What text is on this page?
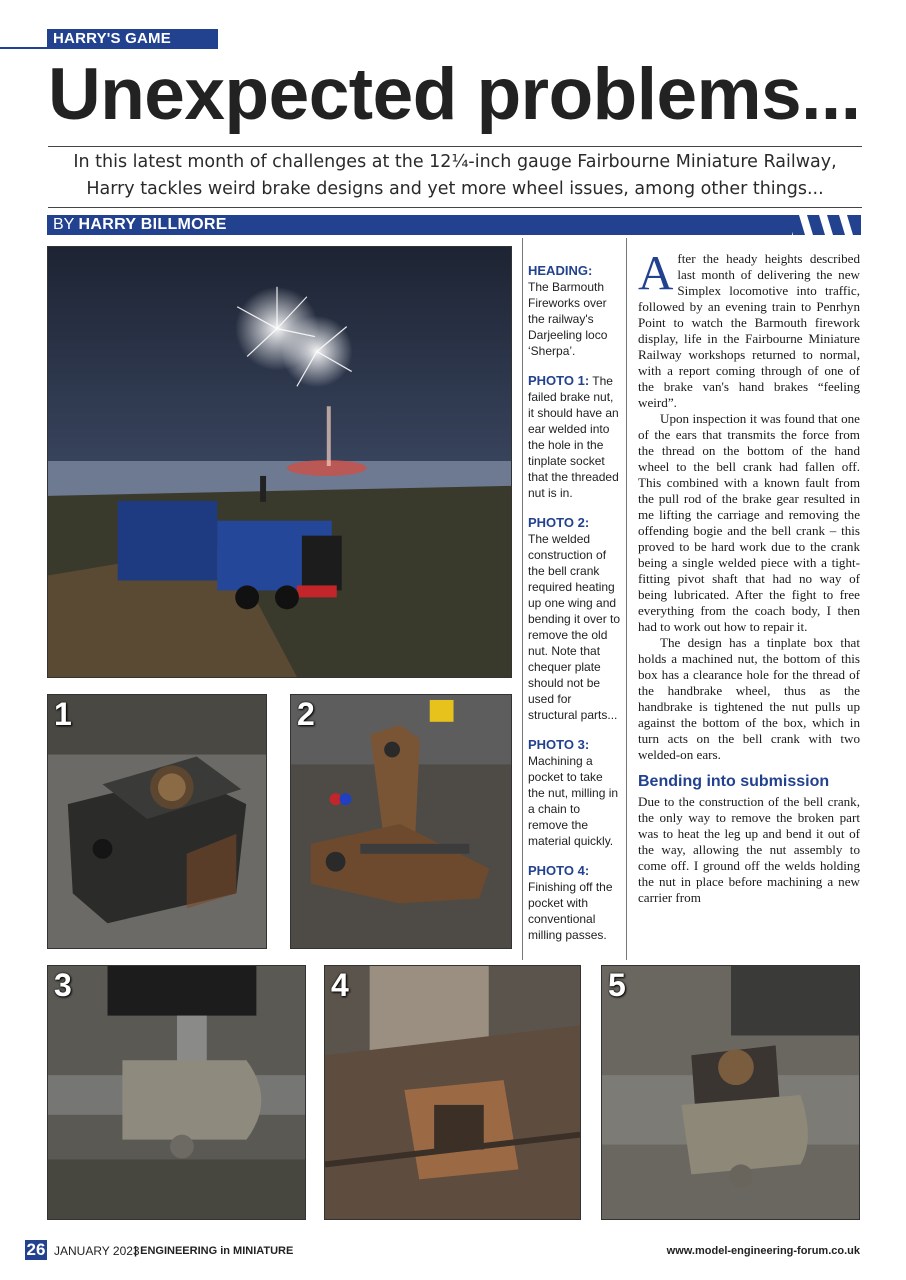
HARRY'S GAME
Unexpected problems...
In this latest month of challenges at the 12¼-inch gauge Fairbourne Miniature Railway,
Harry tackles weird brake designs and yet more wheel issues, among other things...
BY HARRY BILLMORE
1	2

HEADING:
The Barmouth Fireworks over the railway's Darjeeling loco ‘Sherpa’.

PHOTO 1: The failed brake nut, it should have an ear welded into the hole in the tinplate socket that the threaded nut is in.

PHOTO 2:
The welded construction of the bell crank required heating up one wing and bending it over to remove the old nut. Note that chequer plate should not be used for structural parts...

PHOTO 3:
Machining a pocket to take the nut, milling in a chain to remove the material quickly.

PHOTO 4:
Finishing off the pocket with conventional milling passes.

After the heady heights described last month of delivering the new Simplex locomotive into traffic, followed by an evening train to Penrhyn Point to watch the Barmouth firework display, life in the Fairbourne Miniature Railway workshops returned to normal, with a report coming through of one of the brake van's hand brakes “feeling weird”.

Upon inspection it was found that one of the ears that transmits the force from the thread on the bottom of the hand wheel to the bell crank had fallen off. This combined with a known fault from the pull rod of the brake gear resulted in me lifting the carriage and removing the offending bogie and the bell crank – this proved to be hard work due to the crank being a single welded piece with a tight-fitting pivot shaft that had no way of being lubricated. After the fight to free everything from the coach body, I then had to work out how to repair it.

The design has a tinplate box that holds a machined nut, the bottom of this box has a clearance hole for the thread of the handbrake wheel, thus as the handbrake is tightened the nut pulls up against the bottom of the box, which in turn acts on the bell crank with two welded-on ears.

Bending into submission

Due to the construction of the bell crank, the only way to remove the broken part was to heat the leg up and bend it out of the way, allowing the nut assembly to come off. I ground off the welds holding the nut in place before machining a new carrier from

3	4	5
26 JANUARY 2023
| ENGINEERING in MINIATURE	www.model-engineering-forum.co.uk
